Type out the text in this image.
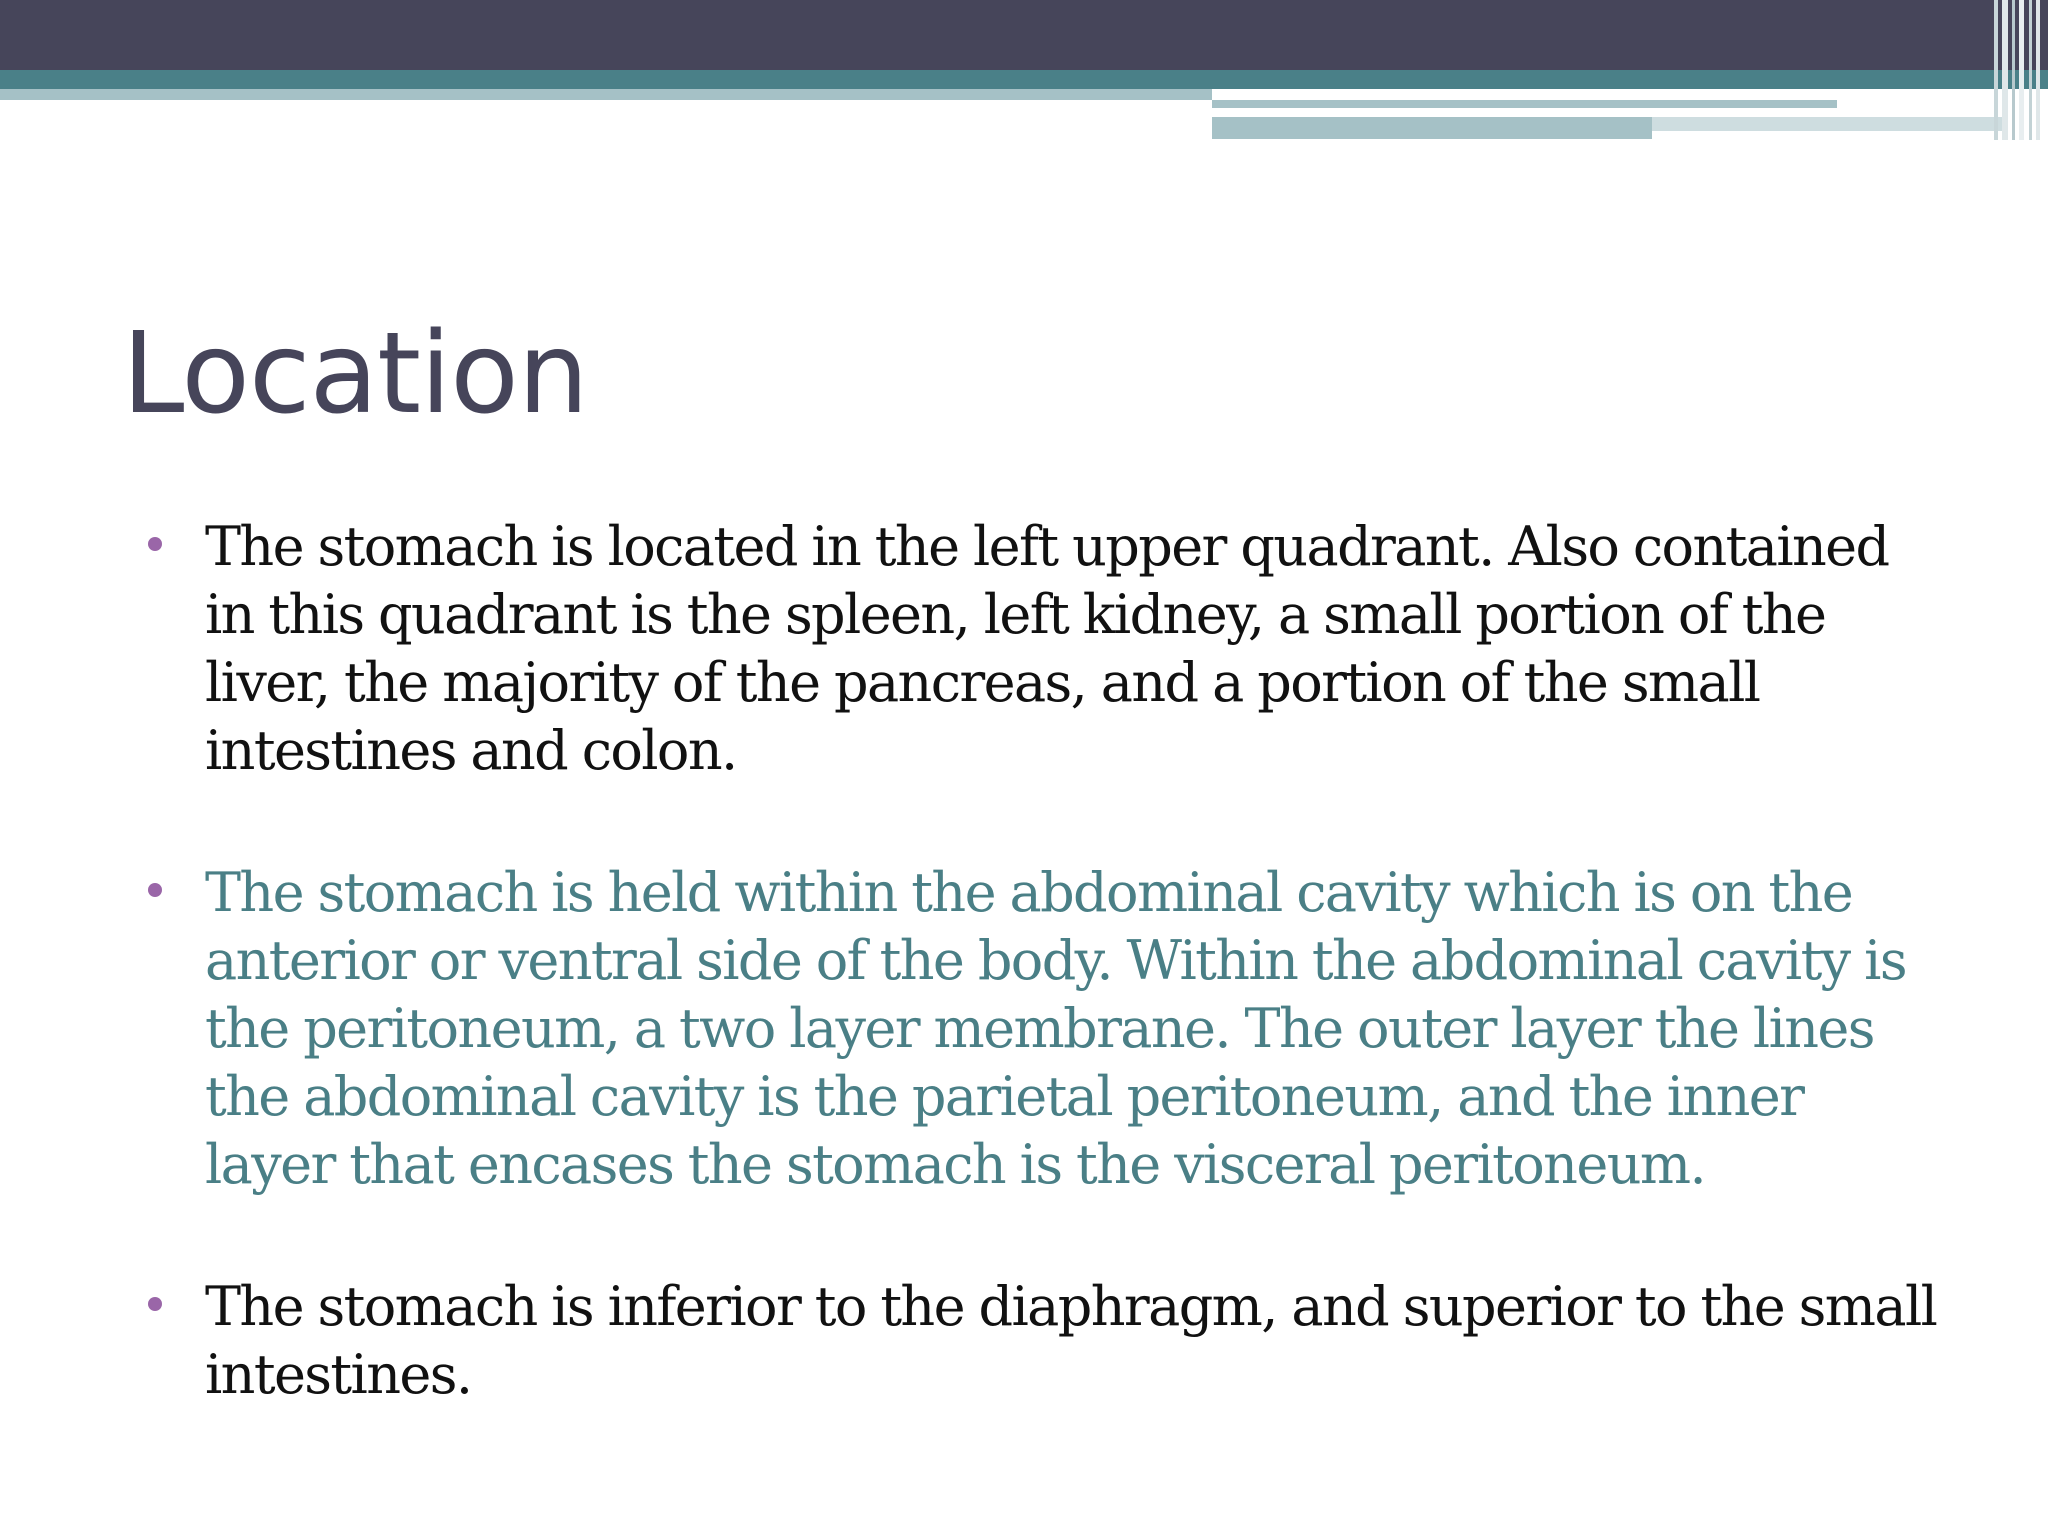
Location
The stomach is located in the left upper quadrant. Also contained in this quadrant is the spleen, left kidney, a small portion of the liver, the majority of the pancreas, and a portion of the small intestines and colon.
The stomach is held within the abdominal cavity which is on the anterior or ventral side of the body. Within the abdominal cavity is the peritoneum, a two layer membrane. The outer layer the lines the abdominal cavity is the parietal peritoneum, and the inner layer that encases the stomach is the visceral peritoneum.
The stomach is inferior to the diaphragm, and superior to the small intestines.
